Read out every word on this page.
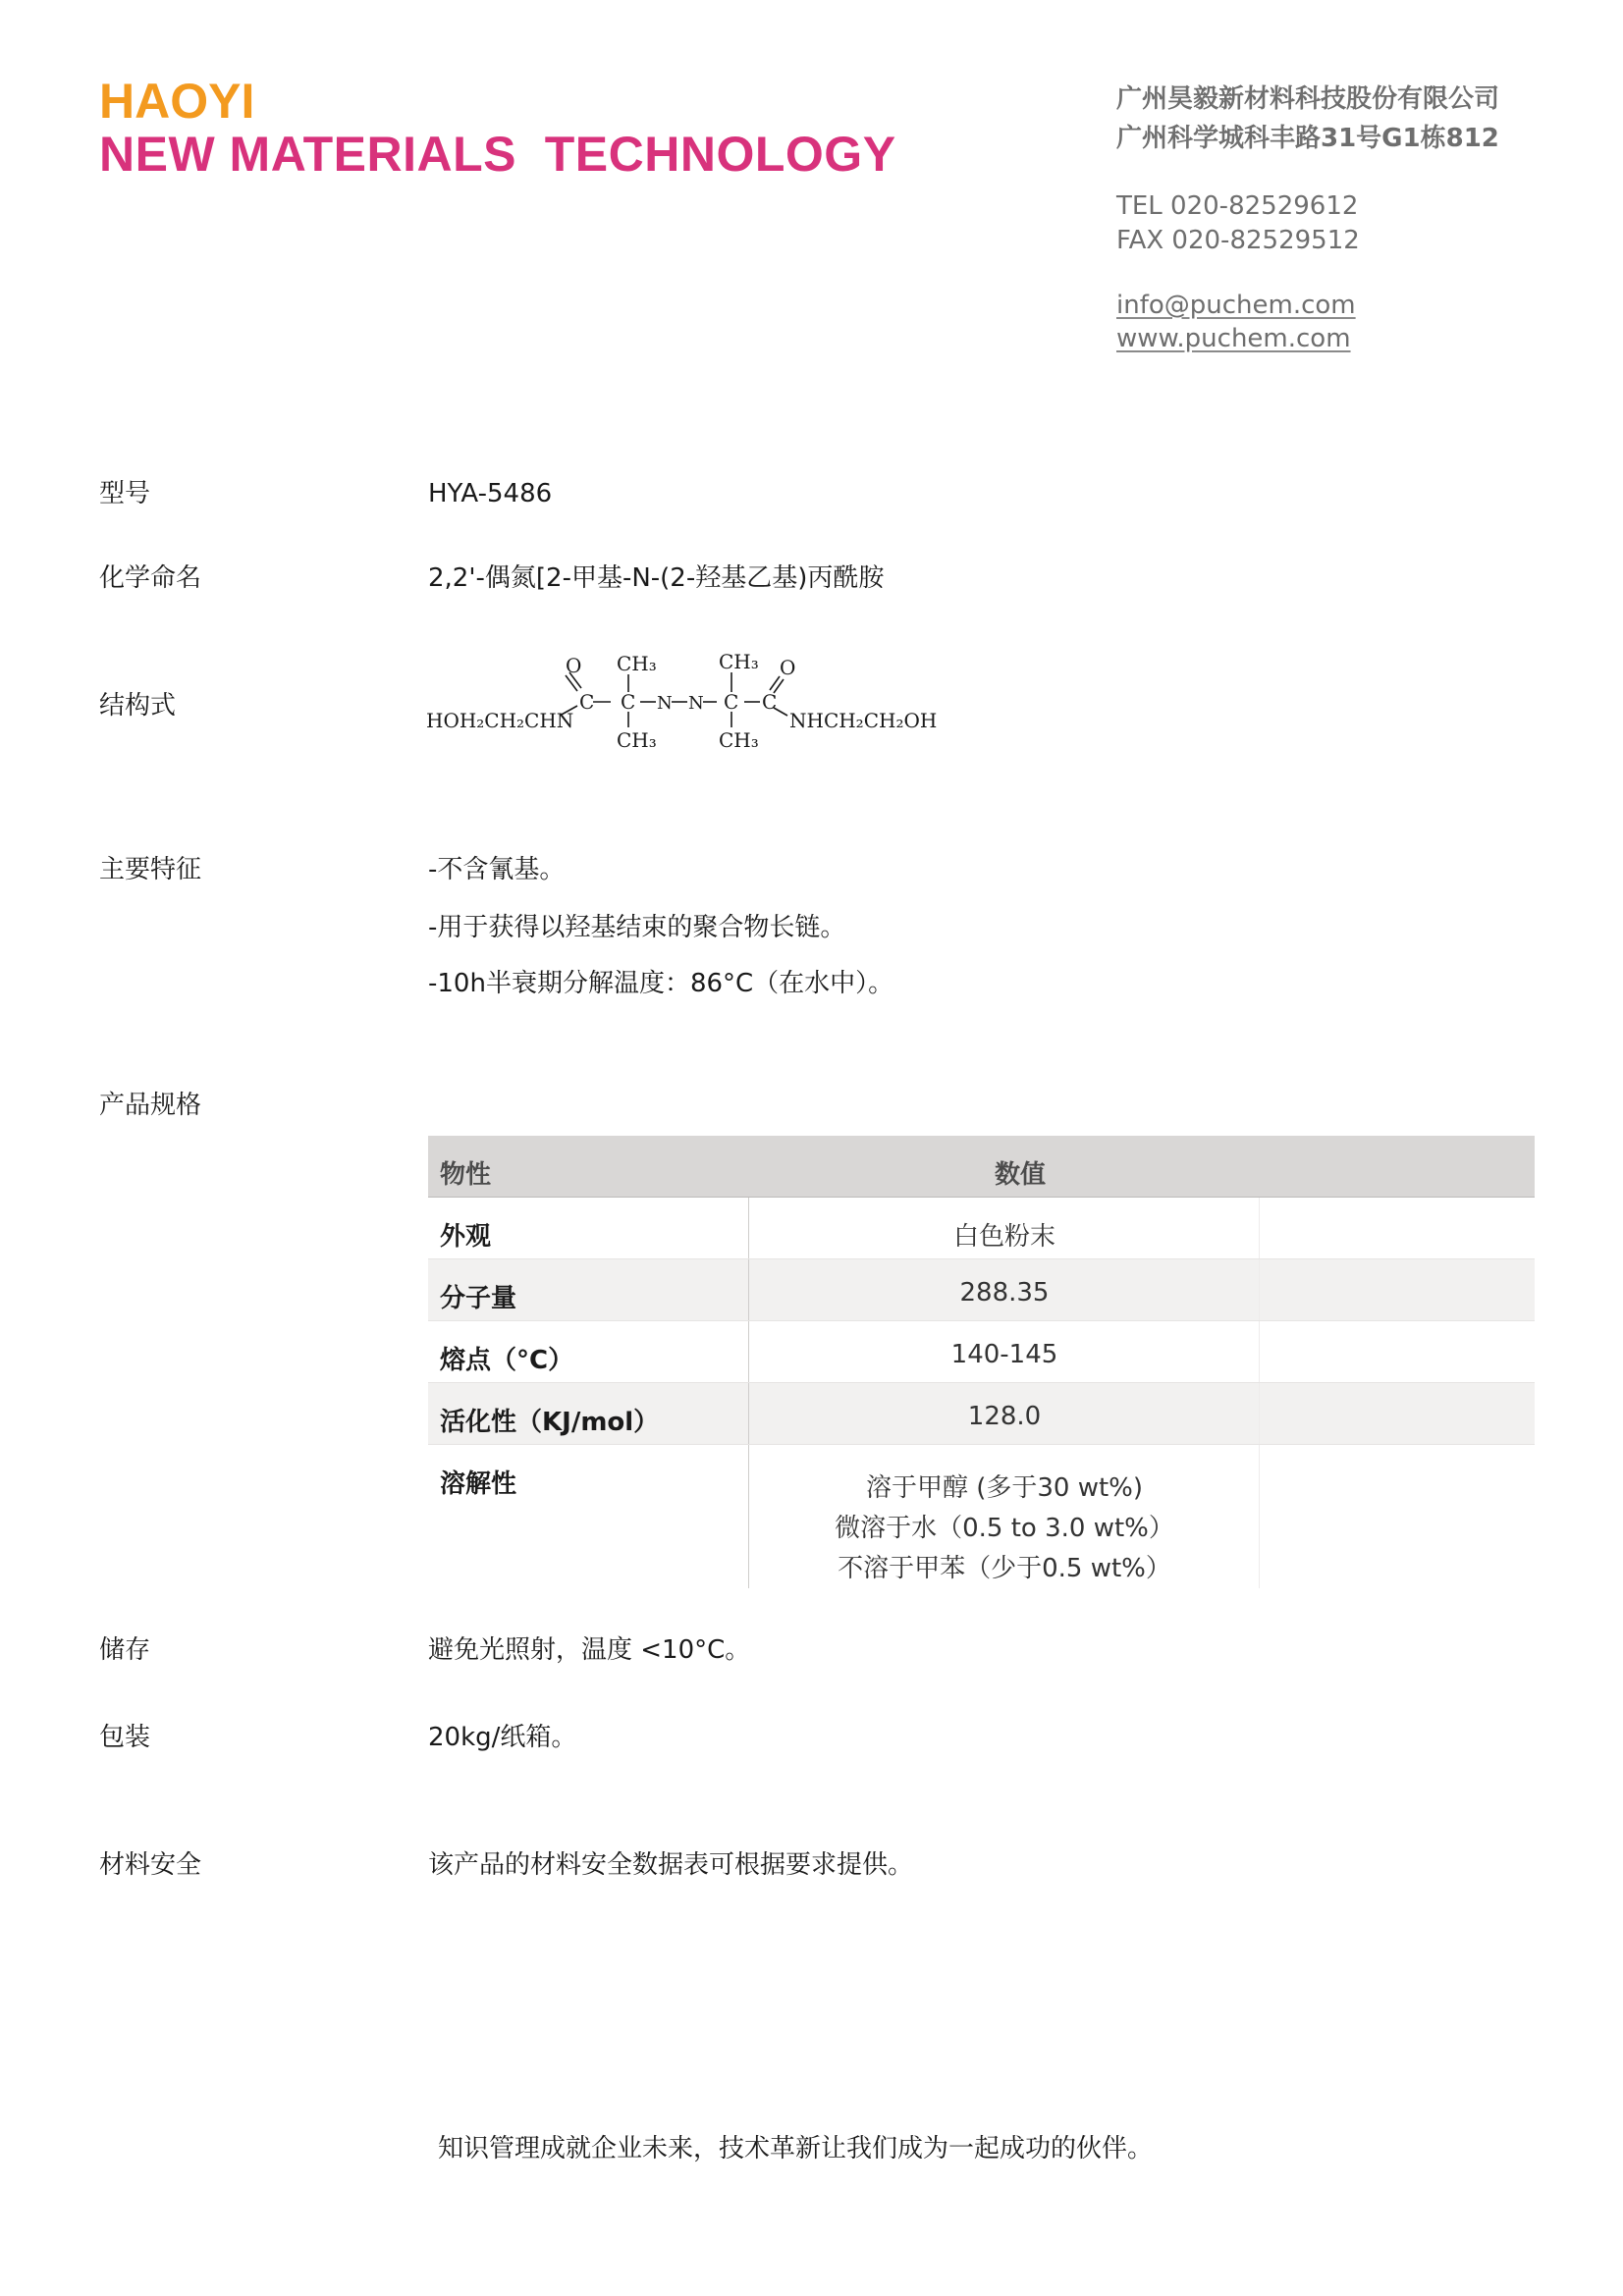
HAOYI
NEW MATERIALS  TECHNOLOGY
广州昊毅新材料科技股份有限公司
广州科学城科丰路31号G1栋812
TEL 020-82529612
FAX 020-82529512
info@puchem.com
www.puchem.com
型号	HYA-5486
化学命名	2,2'-偶氮[2-甲基-N-(2-羟基乙基)丙酰胺
结构式	HOH₂CH₂CHN
O
C
CH₃
C
CH₃
N N
CH₃
C
CH₃
C
O
NHCH₂CH₂OH
主要特征	-不含氰基。
-用于获得以羟基结束的聚合物长链。
-10h半衰期分解温度：86°C（在水中）。
产品规格
物性	数值
外观	白色粉末
分子量	288.35
熔点（°C）	140-145
活化性（KJ/mol）	128.0
溶解性	溶于甲醇 (多于30 wt%)
微溶于水（0.5 to 3.0 wt%）
不溶于甲苯（少于0.5 wt%）
储存	避免光照射，温度 <10°C。
包装	20kg/纸箱。
材料安全	该产品的材料安全数据表可根据要求提供。
知识管理成就企业未来，技术革新让我们成为一起成功的伙伴。
